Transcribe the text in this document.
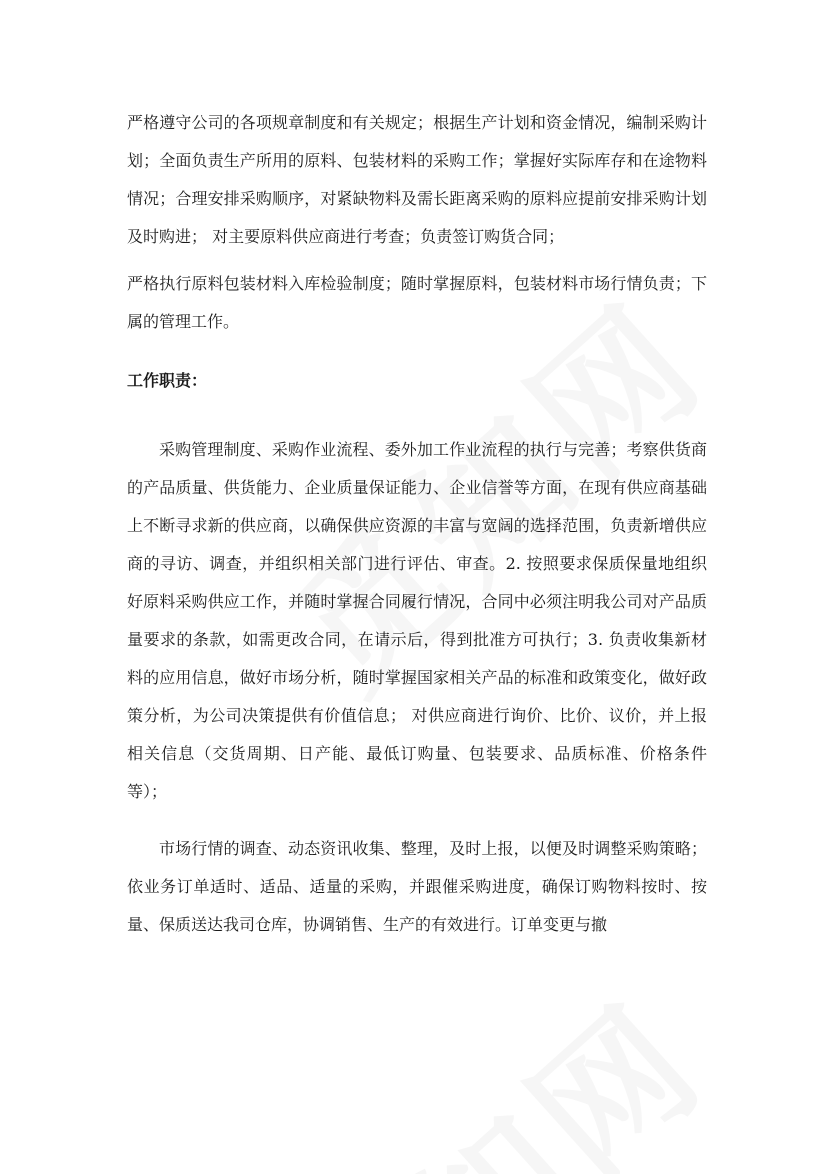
严格遵守公司的各项规章制度和有关规定；根据生产计划和资金情况，编制采购计划；全面负责生产所用的原料、包装材料的采购工作；掌握好实际库存和在途物料情况；合理安排采购顺序，对紧缺物料及需长距离采购的原料应提前安排采购计划及时购进； 对主要原料供应商进行考查；负责签订购货合同；

严格执行原料包装材料入库检验制度；随时掌握原料，包装材料市场行情负责；下属的管理工作。

工作职责：

采购管理制度、采购作业流程、委外加工作业流程的执行与完善；考察供货商的产品质量、供货能力、企业质量保证能力、企业信誉等方面，在现有供应商基础上不断寻求新的供应商，以确保供应资源的丰富与宽阔的选择范围，负责新增供应商的寻访、调查，并组织相关部门进行评估、审查。2. 按照要求保质保量地组织好原料采购供应工作，并随时掌握合同履行情况，合同中必须注明我公司对产品质量要求的条款，如需更改合同，在请示后，得到批准方可执行；3. 负责收集新材料的应用信息，做好市场分析，随时掌握国家相关产品的标准和政策变化，做好政策分析，为公司决策提供有价值信息； 对供应商进行询价、比价、议价，并上报相关信息（交货周期、日产能、最低订购量、包装要求、品质标准、价格条件等）；

市场行情的调查、动态资讯收集、整理，及时上报，以便及时调整采购策略；依业务订单适时、适品、适量的采购，并跟催采购进度，确保订购物料按时、按量、保质送达我司仓库，协调销售、生产的有效进行。订单变更与撤
